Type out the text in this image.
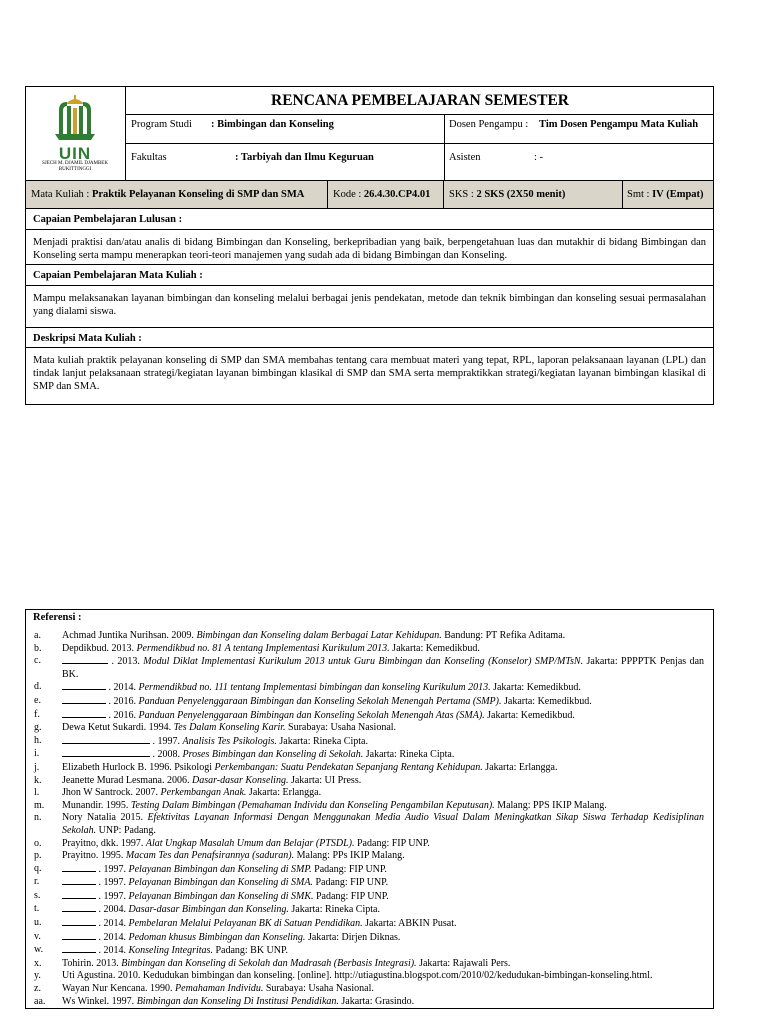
UIN
SJECH M. DJAMIL DJAMBEK BUKITTINGGI
RENCANA PEMBELAJARAN SEMESTER
Program Studi : Bimbingan dan Konseling	Dosen Pengampu : Tim Dosen Pengampu Mata Kuliah
Fakultas	: Tarbiyah dan Ilmu Keguruan	Asisten	: -
Mata Kuliah : Praktik Pelayanan Konseling di SMP dan SMA	Kode : 26.4.30.CP4.01 SKS : 2 SKS (2X50 menit)	Smt : IV (Empat)
Capaian Pembelajaran Lulusan :
Menjadi praktisi dan/atau analis di bidang Bimbingan dan Konseling, berkepribadian yang baik, berpengetahuan luas dan mutakhir di bidang Bimbingan dan Konseling serta mampu menerapkan teori-teori manajemen yang sudah ada di bidang Bimbingan dan Konseling.
Capaian Pembelajaran Mata Kuliah :
Mampu melaksanakan layanan bimbingan dan konseling melalui berbagai jenis pendekatan, metode dan teknik bimbingan dan konseling sesuai permasalahan yang dialami siswa.
Deskripsi Mata Kuliah :
Mata kuliah praktik pelayanan konseling di SMP dan SMA membahas tentang cara membuat materi yang tepat, RPL, laporan pelaksanaan layanan (LPL) dan tindak lanjut pelaksanaan strategi/kegiatan layanan bimbingan klasikal di SMP dan SMA serta mempraktikkan strategi/kegiatan layanan bimbingan klasikal di SMP dan SMA.
Referensi :
a.	Achmad Juntika Nurihsan. 2009. Bimbingan dan Konseling dalam Berbagai Latar Kehidupan. Bandung: PT Refika Aditama.
b.	Depdikbud. 2013. Permendikbud no. 81 A tentang Implementasi Kurikulum 2013. Jakarta: Kemedikbud.
c.	. 2013. Modul Diklat Implementasi Kurikulum 2013 untuk Guru Bimbingan dan Konseling (Konselor) SMP/MTsN. Jakarta: PPPPTK Penjas dan BK.
d.	. 2014. Permendikbud no. 111 tentang Implementasi bimbingan dan konseling Kurikulum 2013. Jakarta: Kemedikbud.
e.	. 2016. Panduan Penyelenggaraan Bimbingan dan Konseling Sekolah Menengah Pertama (SMP). Jakarta: Kemedikbud.
f.	. 2016. Panduan Penyelenggaraan Bimbingan dan Konseling Sekolah Menengah Atas (SMA). Jakarta: Kemedikbud.
g.	Dewa Ketut Sukardi. 1994. Tes Dalam Konseling Karir. Surabaya: Usaha Nasional.
h.	. 1997. Analisis Tes Psikologis. Jakarta: Rineka Cipta.
i.	. 2008. Proses Bimbingan dan Konseling di Sekolah. Jakarta: Rineka Cipta.
j.	Elizabeth Hurlock B. 1996. Psikologi Perkembangan: Suatu Pendekatan Sepanjang Rentang Kehidupan. Jakarta: Erlangga.
k.	Jeanette Murad Lesmana. 2006. Dasar-dasar Konseling. Jakarta: UI Press.
l.	Jhon W Santrock. 2007. Perkembangan Anak. Jakarta: Erlangga.
m.	Munandir. 1995. Testing Dalam Bimbingan (Pemahaman Individu dan Konseling Pengambilan Keputusan). Malang: PPS IKIP Malang.
n.	Nory Natalia 2015. Efektivitas Layanan Informasi Dengan Menggunakan Media Audio Visual Dalam Meningkatkan Sikap Siswa Terhadap Kedisiplinan Sekolah. UNP: Padang.
o.	Prayitno, dkk. 1997. Alat Ungkap Masalah Umum dan Belajar (PTSDL). Padang: FIP UNP.
p.	Prayitno. 1995. Macam Tes dan Penafsirannya (saduran). Malang: PPs IKIP Malang.
q.	. 1997. Pelayanan Bimbingan dan Konseling di SMP. Padang: FIP UNP.
r.	. 1997. Pelayanan Bimbingan dan Konseling di SMA. Padang: FIP UNP.
s.	. 1997. Pelayanan Bimbingan dan Konseling di SMK. Padang: FIP UNP.
t.	. 2004. Dasar-dasar Bimbingan dan Konseling. Jakarta: Rineka Cipta.
u.	. 2014. Pembelaran Melalui Pelayanan BK di Satuan Pendidikan. Jakarta: ABKIN Pusat.
v.	. 2014. Pedoman khusus Bimbingan dan Konseling. Jakarta: Dirjen Diknas.
w.	. 2014. Konseling Integritas. Padang: BK UNP.
x.	Tohirin. 2013. Bimbingan dan Konseling di Sekolah dan Madrasah (Berbasis Integrasi). Jakarta: Rajawali Pers.
y.	Uti Agustina. 2010. Kedudukan bimbingan dan konseling. [online]. http://utiagustina.blogspot.com/2010/02/kedudukan-bimbingan-konseling.html.
z.	Wayan Nur Kencana. 1990. Pemahaman Individu. Surabaya: Usaha Nasional.
aa.	Ws Winkel. 1997. Bimbingan dan Konseling Di Institusi Pendidikan. Jakarta: Grasindo.
